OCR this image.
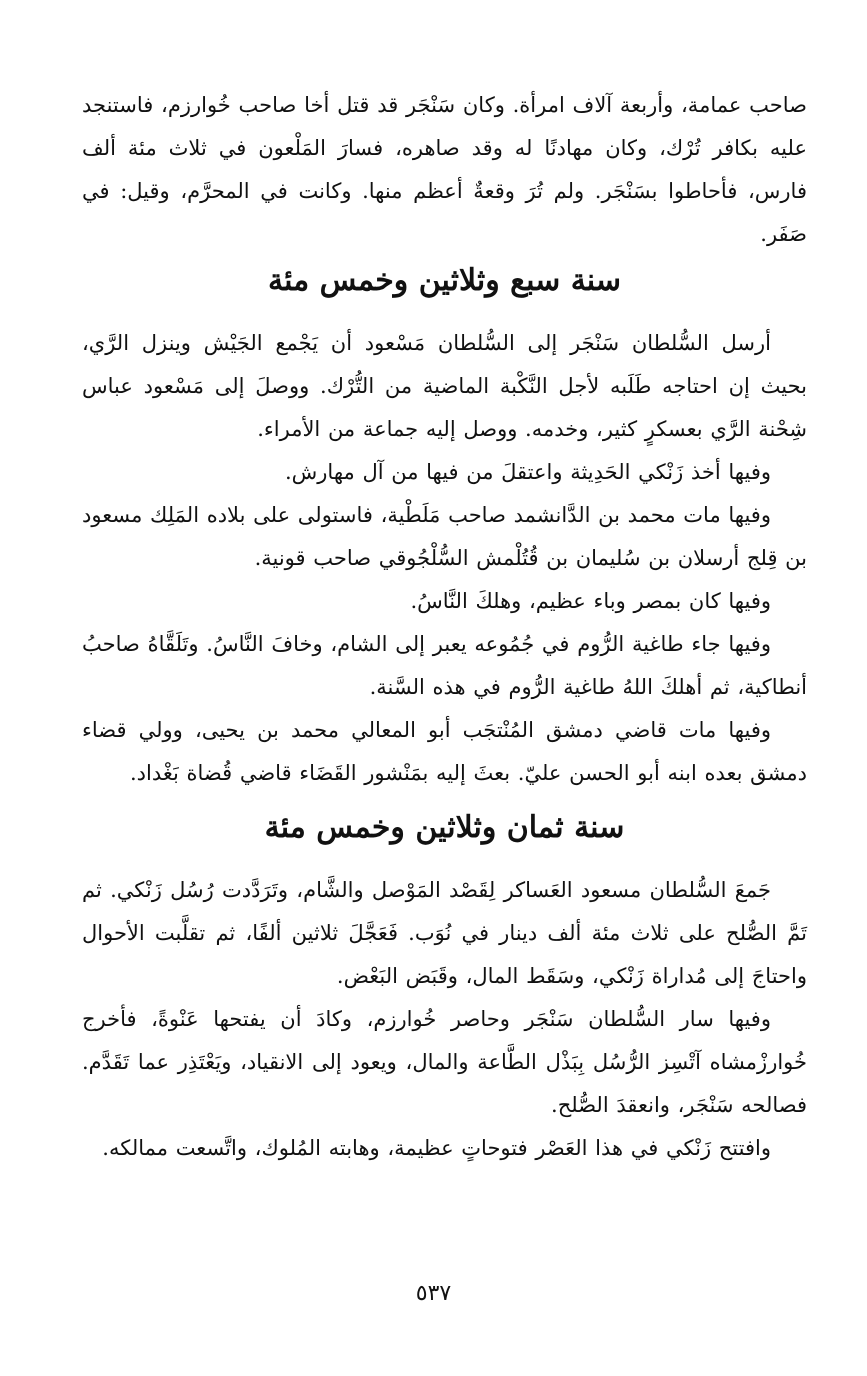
صاحب عمامة، وأربعة آلاف امرأة. وكان سَنْجَر قد قتل أخا صاحب خُوارزم، فاستنجد عليه بكافر تُرْك، وكان مهادنًا له وقد صاهره، فسارَ المَلْعون في ثلاث مئة ألف فارس، فأحاطوا بسَنْجَر. ولم تُرَ وقعةٌ أعظم منها. وكانت في المحرَّم، وقيل: في صَفَر.

سنة سبع وثلاثين وخمس مئة

أرسل السُّلطان سَنْجَر إلى السُّلطان مَسْعود أن يَجْمع الجَيْش وينزل الرَّي، بحيث إن احتاجه طَلَبه لأجل النَّكْبة الماضية من التُّرْك. ووصلَ إلى مَسْعود عباس شِحْنة الرَّي بعسكرٍ كثير، وخدمه. ووصل إليه جماعة من الأمراء.

وفيها أخذ زَنْكي الحَدِيثة واعتقلَ من فيها من آل مهارش.

وفيها مات محمد بن الدَّانشمد صاحب مَلَطْية، فاستولى على بلاده المَلِك مسعود بن قِلج أرسلان بن سُليمان بن قُتُلْمش السُّلْجُوقي صاحب قونية.

وفيها كان بمصر وباء عظيم، وهلكَ النَّاسُ.

وفيها جاء طاغية الرُّوم في جُمُوعه يعبر إلى الشام، وخافَ النَّاسُ. وتَلَقَّاهُ صاحبُ أنطاكية، ثم أهلكَ اللهُ طاغية الرُّوم في هذه السَّنة.

وفيها مات قاضي دمشق المُنْتجَب أبو المعالي محمد بن يحيى، وولي قضاء دمشق بعده ابنه أبو الحسن عليّ. بعثَ إليه بمَنْشور القَضَاء قاضي قُضاة بَغْداد.

سنة ثمان وثلاثين وخمس مئة

جَمعَ السُّلطان مسعود العَساكر لِقَصْد المَوْصل والشَّام، وتَرَدَّدت رُسُل زَنْكي. ثم تَمَّ الصُّلح على ثلاث مئة ألف دينار في نُوَب. فَعَجَّلَ ثلاثين ألفًا، ثم تقلَّبت الأحوال واحتاجَ إلى مُداراة زَنْكي، وسَقَط المال، وقَبَض البَعْض.

وفيها سار السُّلطان سَنْجَر وحاصر خُوارزم، وكادَ أن يفتحها عَنْوةً، فأخرج خُوارزْمشاه آتْسِز الرُّسُل بِبَذْل الطَّاعة والمال، ويعود إلى الانقياد، ويَعْتَذِر عما تَقَدَّم. فصالحه سَنْجَر، وانعقدَ الصُّلح.

وافتتح زَنْكي في هذا العَصْر فتوحاتٍ عظيمة، وهابته المُلوك، واتَّسعت ممالكه.

٥٣٧
